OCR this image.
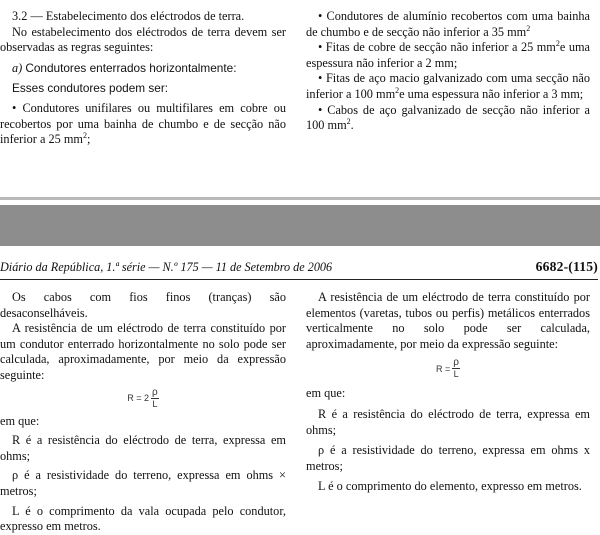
3.2 — Estabelecimento dos eléctrodos de terra.

No estabelecimento dos eléctrodos de terra devem ser observadas as regras seguintes:

a) Condutores enterrados horizontalmente:

Esses condutores podem ser:

• Condutores unifilares ou multifilares em cobre ou recobertos por uma bainha de chumbo e de secção não inferior a 25 $mm^2$;

• Condutores de alumínio recobertos com uma bainha de chumbo e de secção não inferior a 35 $mm^2$

• Fitas de cobre de secção não inferior a 25 $mm^2e$ uma espessura não inferior a 2 mm;

• Fitas de aço macio galvanizado com uma secção não inferior a 100 $mm^2e$ uma espessura não inferior a 3 mm;

• Cabos de aço galvanizado de secção não inferior a 100 $mm^2$.

Diário da República, 1.ª série — N.º 175 — 11 de Setembro de 2006	6682-(115)

Os cabos com fios finos (tranças) são desaconselháveis.

A resistência de um eléctrodo de terra constituído por um condutor enterrado horizontalmente no solo pode ser calculada, aproximadamente, por meio da expressão seguinte:

$R = 2 \frac{\rho}{L}$

em que:

R é a resistência do eléctrodo de terra, expressa em ohms;

ρ é a resistividade do terreno, expressa em ohms × metros;

L é o comprimento da vala ocupada pelo condutor, expresso em metros.

A resistência de um eléctrodo de terra constituído por elementos (varetas, tubos ou perfis) metálicos enterrados verticalmente no solo pode ser calculada, aproximadamente, por meio da expressão seguinte:

$R = \frac{\rho}{L}$

em que:

R é a resistência do eléctrodo de terra, expressa em ohms;

ρ é a resistividade do terreno, expressa em ohms x metros;

L é o comprimento do elemento, expresso em metros.
